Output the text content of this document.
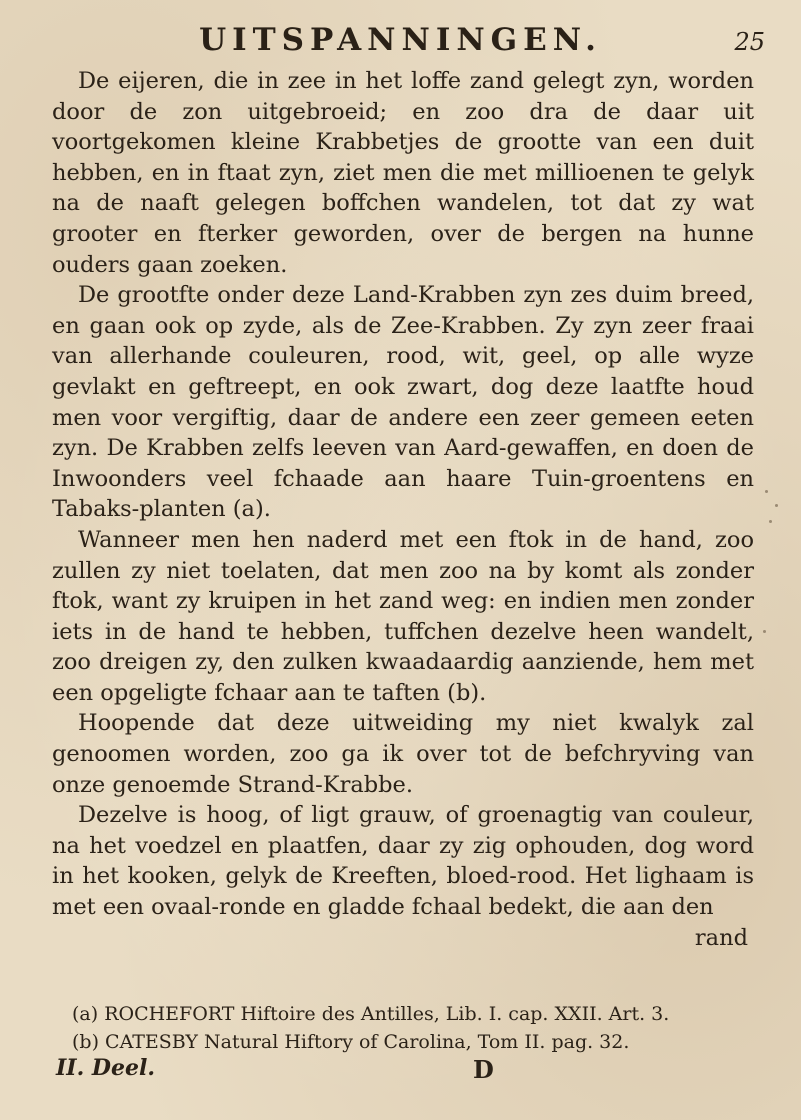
UITSPANNINGEN.	25

De eijeren, die in zee in het loffe zand gelegt zyn, worden door de zon uitgebroeid; en zoo dra de daar uit voortgekomen kleine Krabbetjes de grootte van een duit hebben, en in ftaat zyn, ziet men die met millioenen te gelyk na de naaft gelegen boffchen wandelen, tot dat zy wat grooter en fterker geworden, over de bergen na hunne ouders gaan zoeken.

De grootfte onder deze Land-Krabben zyn zes duim breed, en gaan ook op zyde, als de Zee-Krabben. Zy zyn zeer fraai van allerhande couleuren, rood, wit, geel, op alle wyze gevlakt en geftreept, en ook zwart, dog deze laatfte houd men voor vergiftig, daar de andere een zeer gemeen eeten zyn. De Krabben zelfs leeven van Aard-gewaffen, en doen de Inwoonders veel fchaade aan haare Tuin-groentens en Tabaks-planten (a).

Wanneer men hen naderd met een ftok in de hand, zoo zullen zy niet toelaten, dat men zoo na by komt als zonder ftok, want zy kruipen in het zand weg: en indien men zonder iets in de hand te hebben, tuffchen dezelve heen wandelt, zoo dreigen zy, den zulken kwaadaardig aanziende, hem met een opgeligte fchaar aan te taften (b).

Hoopende dat deze uitweiding my niet kwalyk zal genoomen worden, zoo ga ik over tot de befchryving van onze genoemde Strand-Krabbe.

Dezelve is hoog, of ligt grauw, of groenagtig van couleur, na het voedzel en plaatfen, daar zy zig ophouden, dog word in het kooken, gelyk de Kreeften, bloed-rood. Het lighaam is met een ovaal-ronde en gladde fchaal bedekt, die aan den

rand

(a) ROCHEFORT Hiftoire des Antilles, Lib. I. cap. XXII. Art. 3.

(b) CATESBY Natural Hiftory of Carolina, Tom II. pag. 32.

II. Deel.	D
